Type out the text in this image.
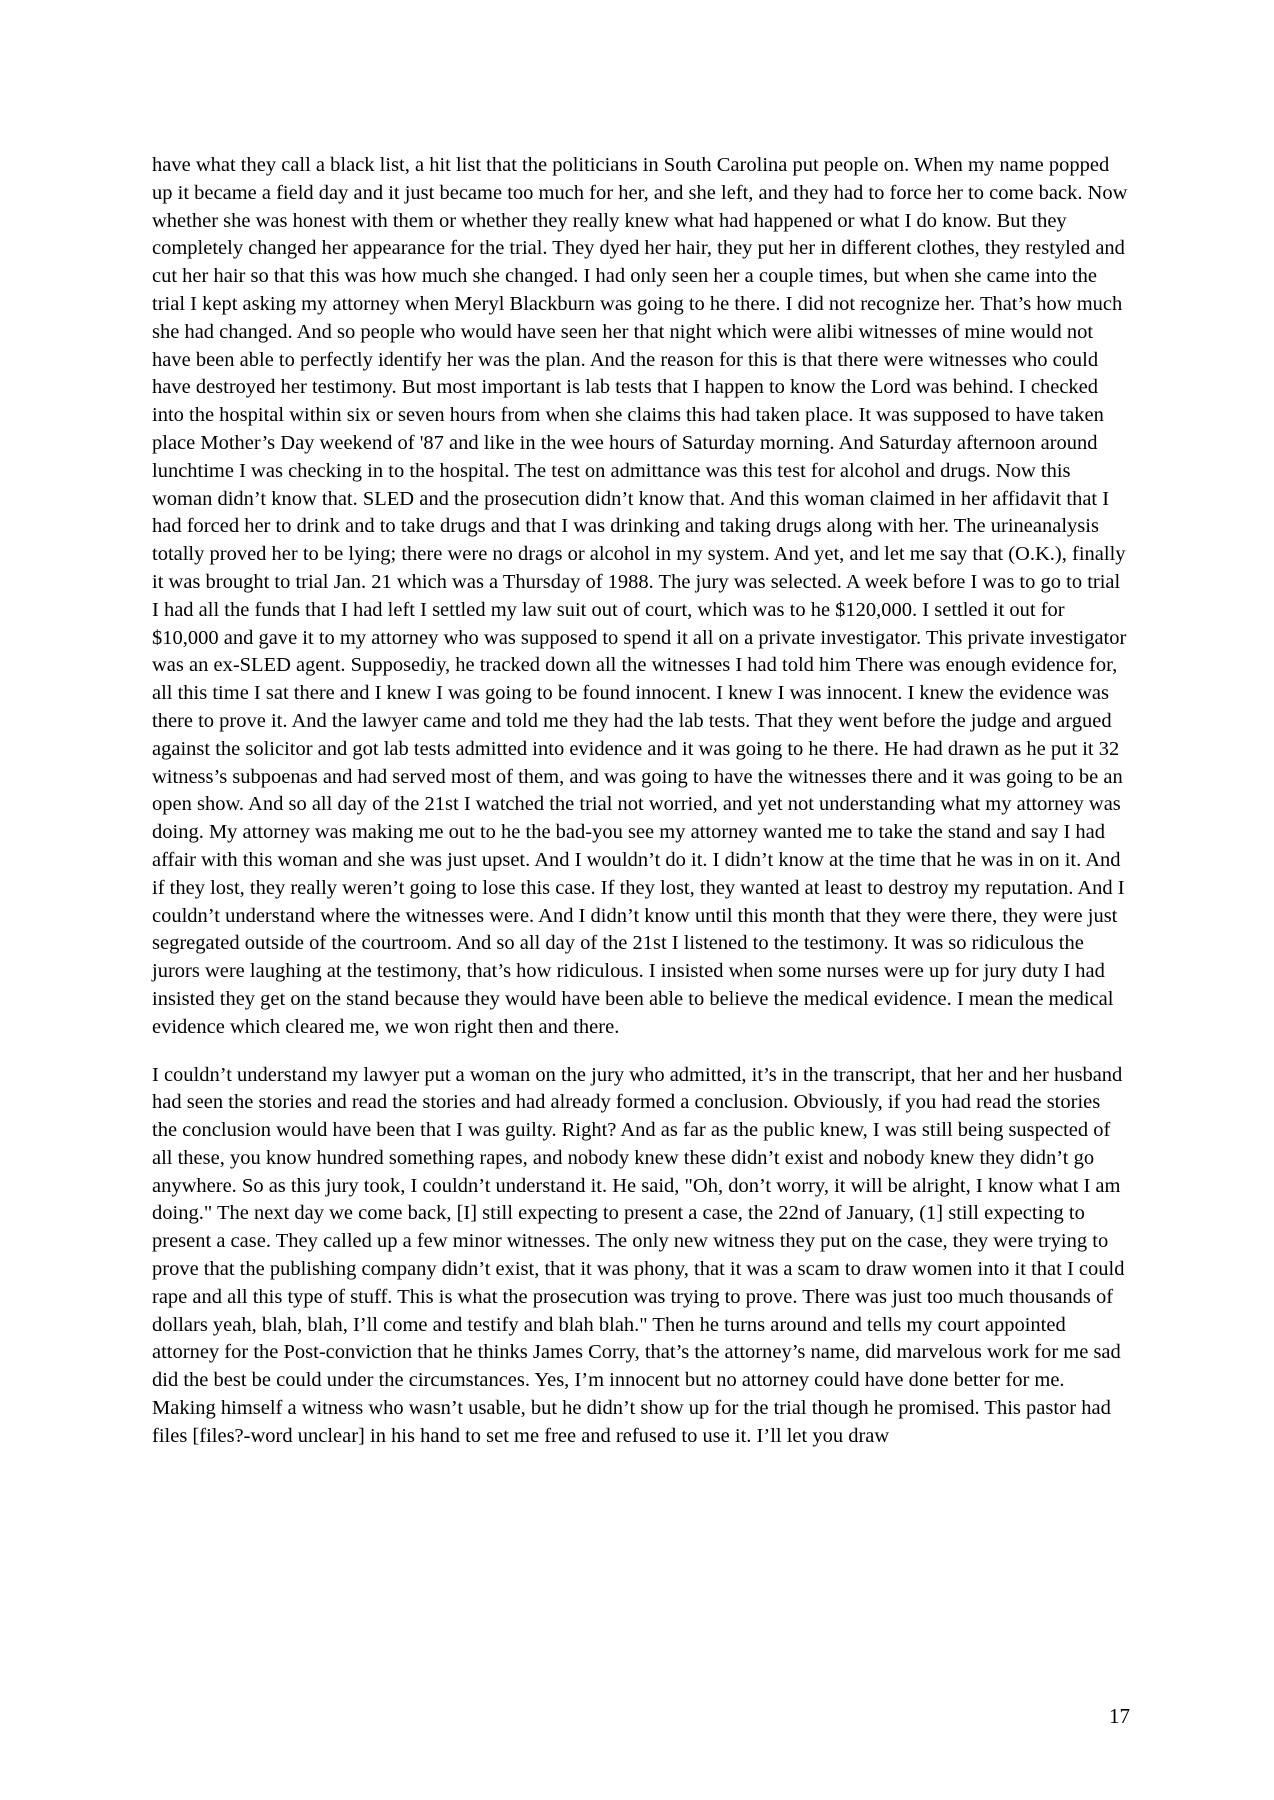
have what they call a black list, a hit list that the politicians in South Carolina put people on. When my name popped up it became a field day and it just became too much for her, and she left, and they had to force her to come back. Now whether she was honest with them or whether they really knew what had happened or what I do know. But they completely changed her appearance for the trial. They dyed her hair, they put her in different clothes, they restyled and cut her hair so that this was how much she changed. I had only seen her a couple times, but when she came into the trial I kept asking my attorney when Meryl Blackburn was going to he there. I did not recognize her. That’s how much she had changed. And so people who would have seen her that night which were alibi witnesses of mine would not have been able to perfectly identify her was the plan. And the reason for this is that there were witnesses who could have destroyed her testimony. But most important is lab tests that I happen to know the Lord was behind. I checked into the hospital within six or seven hours from when she claims this had taken place. It was supposed to have taken place Mother’s Day weekend of '87 and like in the wee hours of Saturday morning. And Saturday afternoon around lunchtime I was checking in to the hospital. The test on admittance was this test for alcohol and drugs. Now this woman didn’t know that. SLED and the prosecution didn’t know that. And this woman claimed in her affidavit that I had forced her to drink and to take drugs and that I was drinking and taking drugs along with her. The urineanalysis totally proved her to be lying; there were no drags or alcohol in my system. And yet, and let me say that (O.K.), finally it was brought to trial Jan. 21 which was a Thursday of 1988. The jury was selected. A week before I was to go to trial I had all the funds that I had left I settled my law suit out of court, which was to he $120,000. I settled it out for $10,000 and gave it to my attorney who was supposed to spend it all on a private investigator. This private investigator was an ex-SLED agent. Supposediy, he tracked down all the witnesses I had told him There was enough evidence for, all this time I sat there and I knew I was going to be found innocent. I knew I was innocent. I knew the evidence was there to prove it. And the lawyer came and told me they had the lab tests. That they went before the judge and argued against the solicitor and got lab tests admitted into evidence and it was going to he there. He had drawn as he put it 32 witness’s subpoenas and had served most of them, and was going to have the witnesses there and it was going to be an open show. And so all day of the 21st I watched the trial not worried, and yet not understanding what my attorney was doing. My attorney was making me out to he the bad-you see my attorney wanted me to take the stand and say I had affair with this woman and she was just upset. And I wouldn’t do it. I didn’t know at the time that he was in on it. And if they lost, they really weren’t going to lose this case. If they lost, they wanted at least to destroy my reputation. And I couldn’t understand where the witnesses were. And I didn’t know until this month that they were there, they were just segregated outside of the courtroom. And so all day of the 21st I listened to the testimony. It was so ridiculous the jurors were laughing at the testimony, that’s how ridiculous. I insisted when some nurses were up for jury duty I had insisted they get on the stand because they would have been able to believe the medical evidence. I mean the medical evidence which cleared me, we won right then and there.

I couldn’t understand my lawyer put a woman on the jury who admitted, it’s in the transcript, that her and her husband had seen the stories and read the stories and had already formed a conclusion. Obviously, if you had read the stories the conclusion would have been that I was guilty. Right? And as far as the public knew, I was still being suspected of all these, you know hundred something rapes, and nobody knew these didn’t exist and nobody knew they didn’t go anywhere. So as this jury took, I couldn’t understand it. He said, "Oh, don’t worry, it will be alright, I know what I am doing." The next day we come back, [I] still expecting to present a case, the 22nd of January, (1] still expecting to present a case. They called up a few minor witnesses. The only new witness they put on the case, they were trying to prove that the publishing company didn’t exist, that it was phony, that it was a scam to draw women into it that I could rape and all this type of stuff. This is what the prosecution was trying to prove. There was just too much thousands of dollars yeah, blah, blah, I’ll come and testify and blah blah." Then he turns around and tells my court appointed attorney for the Post-conviction that he thinks James Corry, that’s the attorney’s name, did marvelous work for me sad did the best be could under the circumstances. Yes, I’m innocent but no attorney could have done better for me. Making himself a witness who wasn’t usable, but he didn’t show up for the trial though he promised. This pastor had files [files?-word unclear] in his hand to set me free and refused to use it. I’ll let you draw

17
